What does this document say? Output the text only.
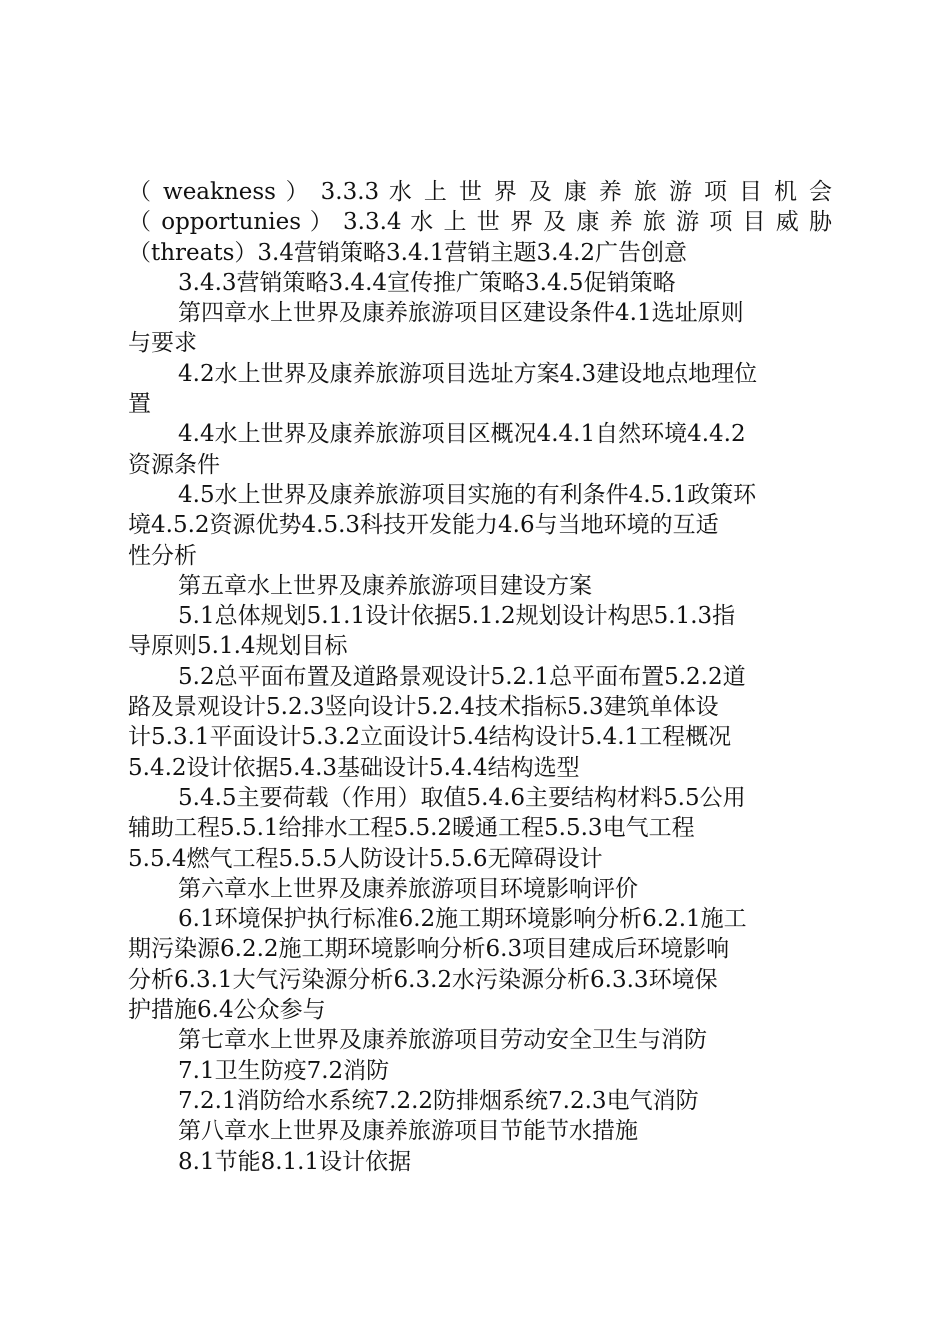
（ weakness ） 3.3.3 水 上 世 界 及 康 养 旅 游 项 目 机 会
（ opportunies ） 3.3.4 水 上 世 界 及 康 养 旅 游 项 目 威 胁
（threats）3.4营销策略3.4.1营销主题3.4.2广告创意
3.4.3营销策略3.4.4宣传推广策略3.4.5促销策略
第四章水上世界及康养旅游项目区建设条件4.1选址原则
与要求
4.2水上世界及康养旅游项目选址方案4.3建设地点地理位
置
4.4水上世界及康养旅游项目区概况4.4.1自然环境4.4.2
资源条件
4.5水上世界及康养旅游项目实施的有利条件4.5.1政策环
境4.5.2资源优势4.5.3科技开发能力4.6与当地环境的互适
性分析
第五章水上世界及康养旅游项目建设方案
5.1总体规划5.1.1设计依据5.1.2规划设计构思5.1.3指
导原则5.1.4规划目标
5.2总平面布置及道路景观设计5.2.1总平面布置5.2.2道
路及景观设计5.2.3竖向设计5.2.4技术指标5.3建筑单体设
计5.3.1平面设计5.3.2立面设计5.4结构设计5.4.1工程概况
5.4.2设计依据5.4.3基础设计5.4.4结构选型
5.4.5主要荷载（作用）取值5.4.6主要结构材料5.5公用
辅助工程5.5.1给排水工程5.5.2暖通工程5.5.3电气工程
5.5.4燃气工程5.5.5人防设计5.5.6无障碍设计
第六章水上世界及康养旅游项目环境影响评价
6.1环境保护执行标准6.2施工期环境影响分析6.2.1施工
期污染源6.2.2施工期环境影响分析6.3项目建成后环境影响
分析6.3.1大气污染源分析6.3.2水污染源分析6.3.3环境保
护措施6.4公众参与
第七章水上世界及康养旅游项目劳动安全卫生与消防
7.1卫生防疫7.2消防
7.2.1消防给水系统7.2.2防排烟系统7.2.3电气消防
第八章水上世界及康养旅游项目节能节水措施
8.1节能8.1.1设计依据
